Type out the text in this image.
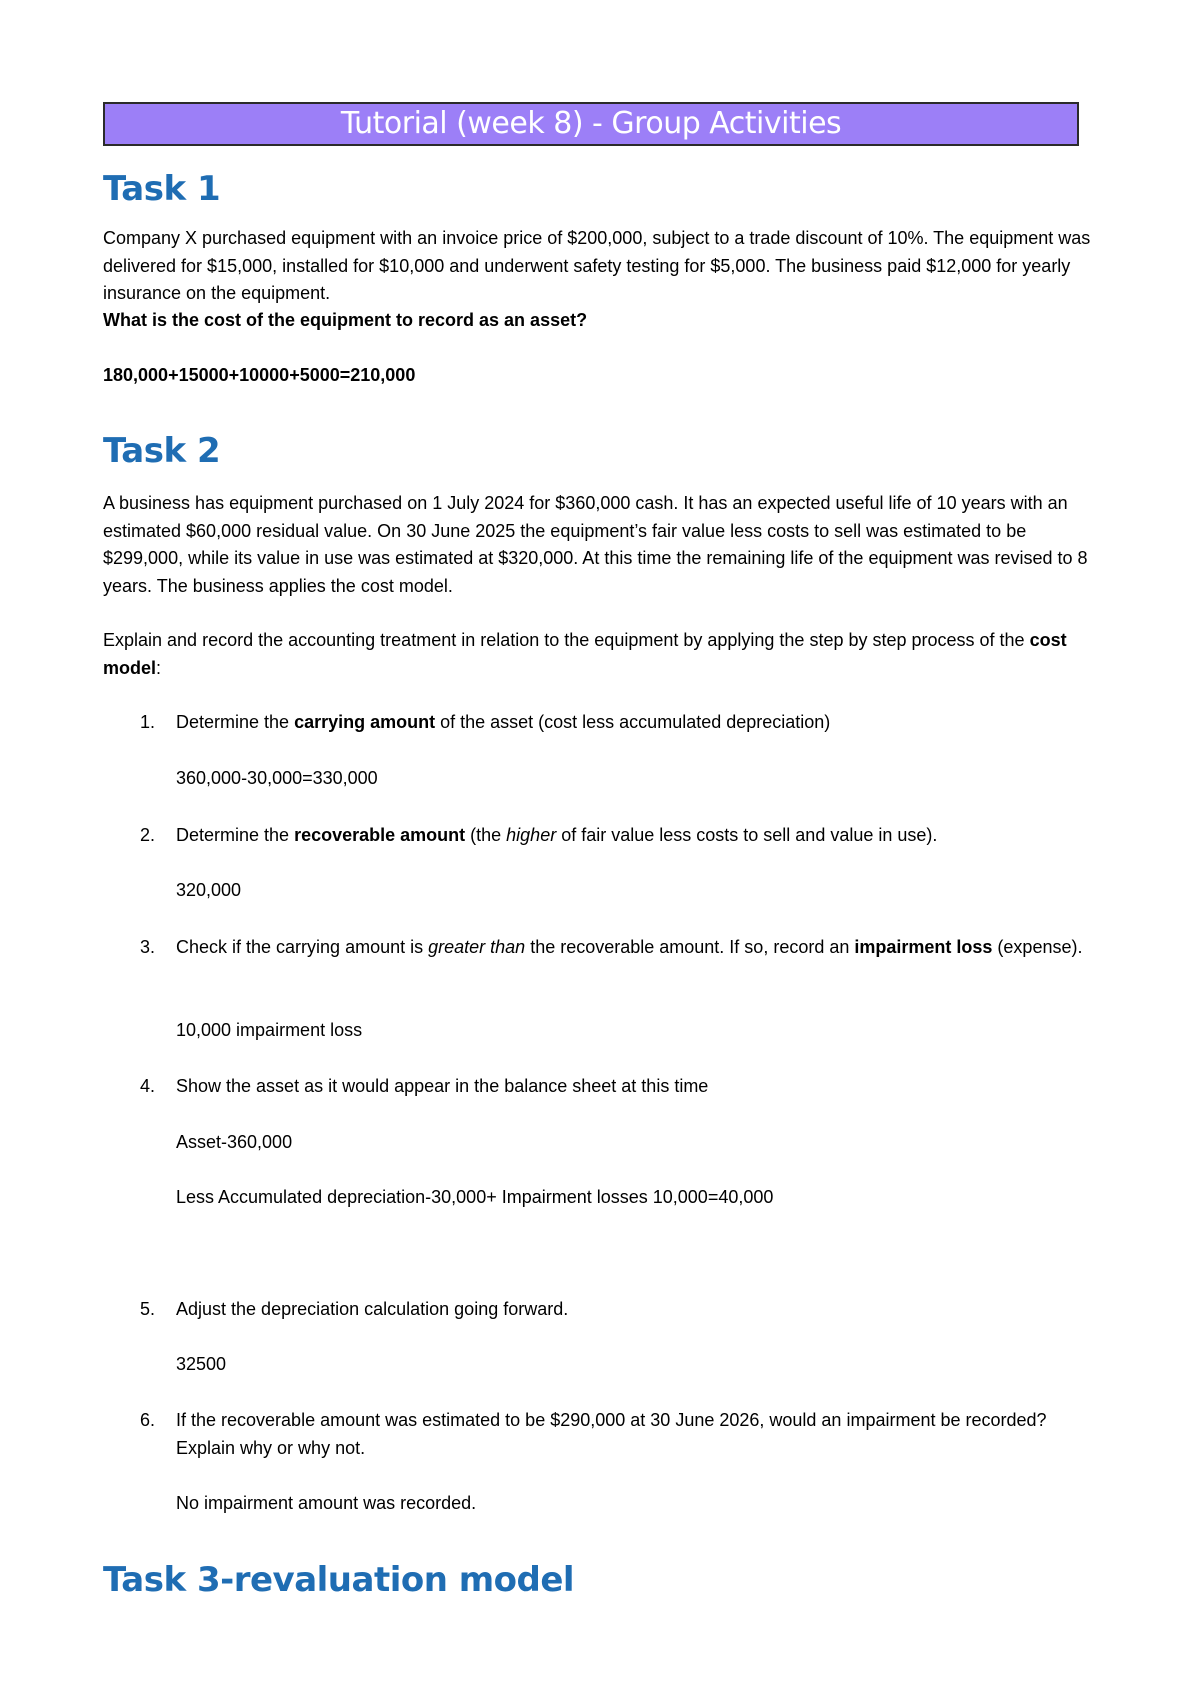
Tutorial (week 8) - Group Activities
Task 1

Company X purchased equipment with an invoice price of $200,000, subject to a trade discount of 10%. The equipment was delivered for $15,000, installed for $10,000 and underwent safety testing for $5,000. The business paid $12,000 for yearly insurance on the equipment.

What is the cost of the equipment to record as an asset?

180,000+15000+10000+5000=210,000

Task 2

A business has equipment purchased on 1 July 2024 for $360,000 cash. It has an expected useful life of 10 years with an estimated $60,000 residual value. On 30 June 2025 the equipment’s fair value less costs to sell was estimated to be $299,000, while its value in use was estimated at $320,000. At this time the remaining life of the equipment was revised to 8 years. The business applies the cost model.

Explain and record the accounting treatment in relation to the equipment by applying the step by step process of the cost model:

1.	Determine the carrying amount of the asset (cost less accumulated depreciation)
360,000-30,000=330,000
2.	Determine the recoverable amount (the higher of fair value less costs to sell and value in use).
320,000
3.	Check if the carrying amount is greater than the recoverable amount. If so, record an impairment loss (expense).
10,000 impairment loss
4.	Show the asset as it would appear in the balance sheet at this time
Asset-360,000
Less Accumulated depreciation-30,000+ Impairment losses 10,000=40,000
5.	Adjust the depreciation calculation going forward.
32500
6.	If the recoverable amount was estimated to be $290,000 at 30 June 2026, would an impairment be recorded? Explain why or why not.
No impairment amount was recorded.
Task 3-revaluation model
